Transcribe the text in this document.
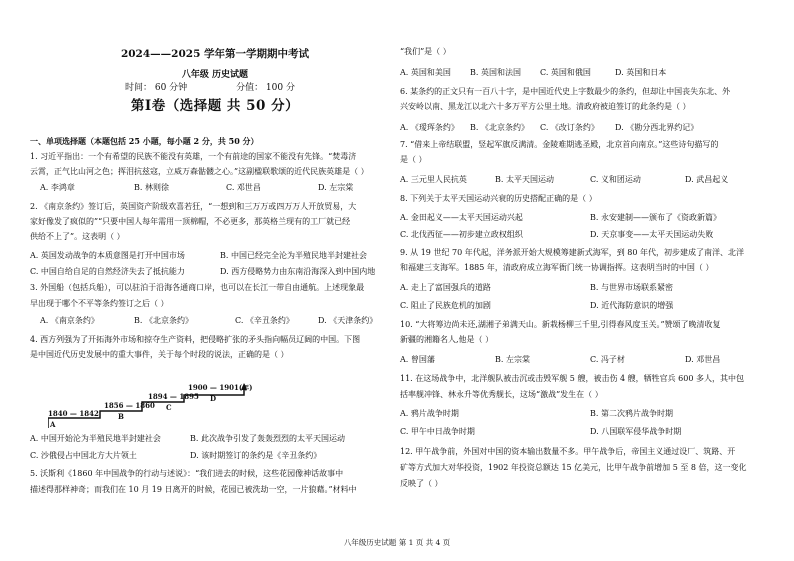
2024——2025 学年第一学期期中考试
八年级 历史试题
时间： 60 分钟	分值： 100 分
第Ⅰ卷（选择题 共 50 分）
一、单项选择题（本题包括 25 小题，每小题 2 分，共 50 分）
1. 习近平指出：一个有希望的民族不能没有英雄，一个有前途的国家不能没有先锋。“焚毒济
云霄，正气比山河之色；挥泪抗兹寇，立威万森骷髅之心。”这副楹联歌颂的近代民族英雄是（ ）
A. 李鸿章	B. 林则徐	C. 邓世昌	D. 左宗棠
2. 《南京条约》签订后，英国资产阶级欢喜若狂，“一想到和三万万或四万万人开放贸易，大
家好像发了疯似的”“只要中国人每年需用一顶棉帽，不必更多，那英格兰现有的工厂就已经
供给不上了”。这表明（ ）
A. 英国发动战争的本质意图是打开中国市场	B. 中国已经完全沦为半殖民地半封建社会
C. 中国自给自足的自然经济失去了抵抗能力	D. 西方侵略势力由东南沿海深入到中国内地
3. 外国船（包括兵船），可以驻泊于沿海各通商口岸，也可以在长江一带自由通航。上述现象最
早出现于哪个不平等条约签订之后（ ）
A. 《南京条约》	B. 《北京条约》	C. 《辛丑条约》	D. 《天津条约》
4. 西方列强为了开拓海外市场和掠夺生产资料，把侵略扩张的矛头指向幅员辽阔的中国。下图
是中国近代历史发展中的重大事件，关于每个时段的说法，正确的是（ ）
1840 — 1842
A
1856 — 1860
B
1894 — 1895
C
1900 — 1901(年)
D
A. 中国开始沦为半殖民地半封建社会	B. 此次战争引发了轰轰烈烈的太平天国运动
C. 沙俄侵占中国北方大片领土	D. 该时期签订的条约是《辛丑条约》
5. 沃斯利《1860 年中国战争的行动与述说》：“我们进去的时候，这些花园像神话故事中
描述得那样神奇；而我们在 10 月 19 日离开的时候，花园已被洗劫一空，一片狼藉。”材料中
“我们”是（ ）
A. 英国和美国 B. 英国和法国 C. 英国和俄国	D. 英国和日本
6. 某条约的正文只有一百八十字，是中国近代史上字数最少的条约，但却让中国丧失东北、外
兴安岭以南、黑龙江以北六十多万平方公里土地。清政府被迫签订的此条约是（ ）
A. 《瑷珲条约》 B. 《北京条约》 C. 《改订条约》 D. 《勘分西北界约记》
7. “借来上帝结联盟，竖起军旗反满清。金陵难期逃圣殿，北京首向南京。”这些诗句描写的
是（ ）
A. 三元里人民抗英	B. 太平天国运动	C. 义和团运动	D. 武昌起义
8. 下列关于太平天国运动兴衰的历史搭配正确的是（ ）
A. 金田起义——太平天国运动兴起	B. 永安建制——颁布了《资政新篇》
C. 北伐西征——初步建立政权组织	D. 天京事变——太平天国运动失败
9. 从 19 世纪 70 年代起，洋务派开始大规模筹建新式海军，到 80 年代，初步建成了南洋、北洋
和福建三支海军。1885 年，清政府成立海军衙门统一协调指挥。这表明当时的中国（ ）
A. 走上了富国强兵的道路	B. 与世界市场联系紧密
C. 阻止了民族危机的加剧	D. 近代海防意识的增强
10. “大将筹边尚未还,湖湘子弟满天山。新栽杨柳三千里,引得春风度玉关。”赞颂了晚清收复
新疆的湘籍名人,他是（ ）
A. 曾国藩	B. 左宗棠	C. 冯子材	D. 邓世昌
11. 在这场战争中，北洋舰队被击沉或击毁军舰 5 艘，被击伤 4 艘，牺牲官兵 600 多人，其中包
括率舰冲锋、林永升等优秀舰长，这场“激战”发生在（ ）
A. 鸦片战争时期	B. 第二次鸦片战争时期
C. 甲午中日战争时期	D. 八国联军侵华战争时期
12. 甲午战争前，外国对中国的资本输出数量不多。甲午战争后，帝国主义通过设厂、筑路、开
矿等方式加大对华投资，1902 年投资总额达 15 亿美元，比甲午战争前增加 5 至 8 倍，这一变化
反映了（ ）
八年级历史试题 第 1 页 共 4 页
